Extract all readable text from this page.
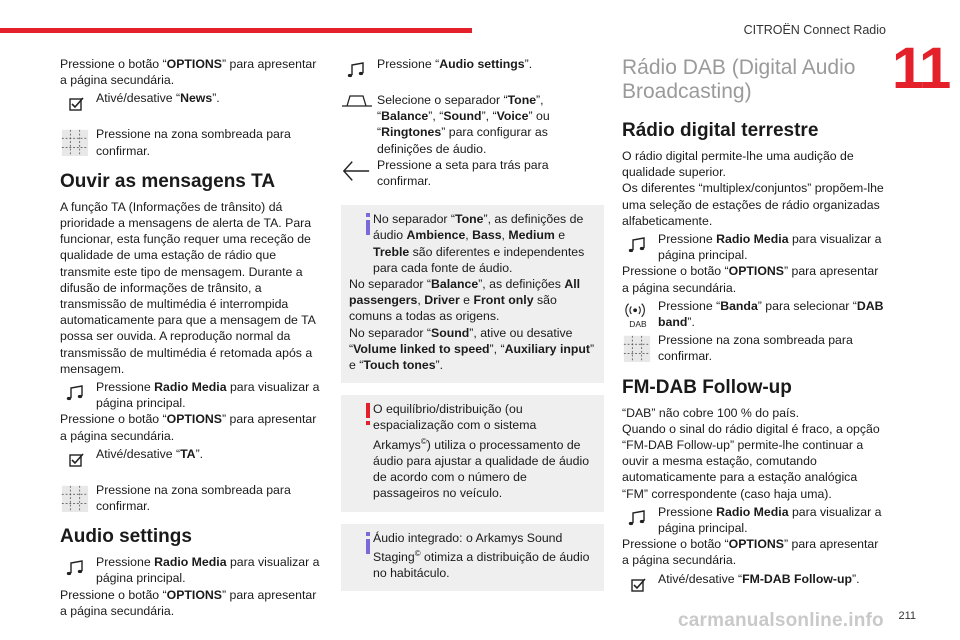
CITROËN Connect Radio
11
carmanualsonline.info 211

Pressione o botão “OPTIONS” para apresentar a página secundária.

Ativé/desative “News”.

Pressione na zona sombreada para confirmar.

Ouvir as mensagens TA

A função TA (Informações de trânsito) dá prioridade a mensagens de alerta de TA. Para funcionar, esta função requer uma receção de qualidade de uma estação de rádio que transmite este tipo de mensagem. Durante a difusão de informações de trânsito, a transmissão de multimédia é interrompida automaticamente para que a mensagem de TA possa ser ouvida. A reprodução normal da transmissão de multimédia é retomada após a mensagem.

Pressione Radio Media para visualizar a página principal.

Pressione o botão “OPTIONS” para apresentar a página secundária.

Ativé/desative “TA”.

Pressione na zona sombreada para confirmar.

Audio settings

Pressione Radio Media para visualizar a página principal.

Pressione o botão “OPTIONS” para apresentar a página secundária.

Pressione “Audio settings”.

Selecione o separador “Tone”, “Balance”, “Sound”, “Voice” ou “Ringtones” para configurar as definições de áudio.

Pressione a seta para trás para confirmar.

No separador “Tone”, as definições de áudio Ambience, Bass, Medium e Treble são diferentes e independentes para cada fonte de áudio.

No separador “Balance”, as definições All passengers, Driver e Front only são comuns a todas as origens.

No separador “Sound”, ative ou desative “Volume linked to speed”, “Auxiliary input” e “Touch tones”.

O equilíbrio/distribuição (ou espacialização com o sistema Arkamys©) utiliza o processamento de áudio para ajustar a qualidade de áudio de acordo com o número de passageiros no veículo.

Áudio integrado: o Arkamys Sound Staging© otimiza a distribuição de áudio no habitáculo.

Rádio DAB (Digital Audio Broadcasting)
Rádio digital terrestre

O rádio digital permite-lhe uma audição de qualidade superior.

Os diferentes “multiplex/conjuntos” propõem-lhe uma seleção de estações de rádio organizadas alfabeticamente.

Pressione Radio Media para visualizar a página principal.

Pressione o botão “OPTIONS” para apresentar a página secundária.

DAB

Pressione “Banda” para selecionar “DAB band”.

Pressione na zona sombreada para confirmar.

FM-DAB Follow-up

“DAB” não cobre 100 % do país.

Quando o sinal do rádio digital é fraco, a opção “FM-DAB Follow-up” permite-lhe continuar a ouvir a mesma estação, comutando automaticamente para a estação analógica “FM” correspondente (caso haja uma).

Pressione Radio Media para visualizar a página principal.

Pressione o botão “OPTIONS” para apresentar a página secundária.

Ativé/desative “FM-DAB Follow-up”.
